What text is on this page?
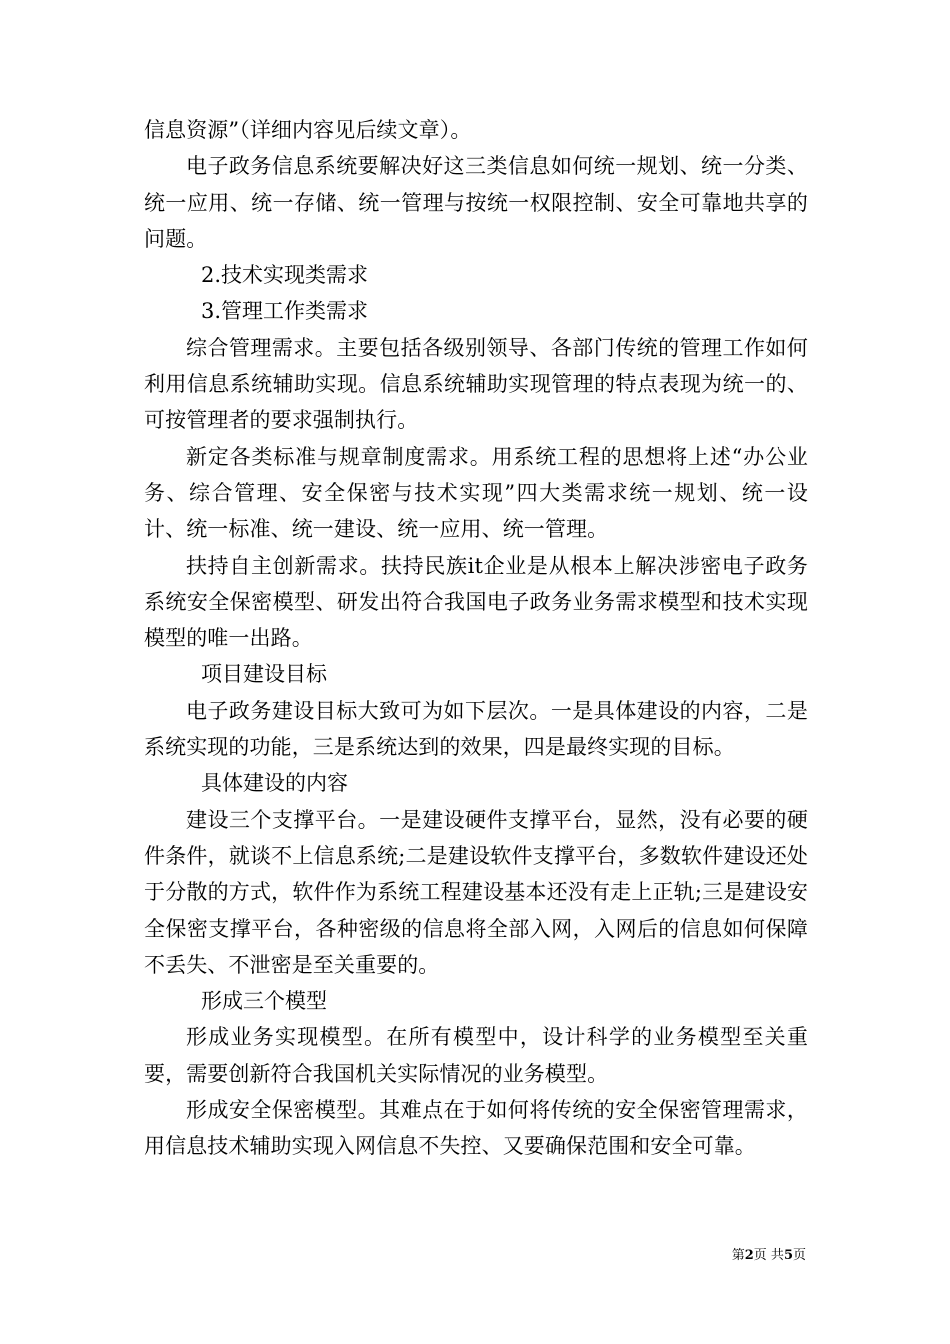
信息资源”（详细内容见后续文章）。

电子政务信息系统要解决好这三类信息如何统一规划、统一分类、统一应用、统一存储、统一管理与按统一权限控制、安全可靠地共享的问题。

2.技术实现类需求

3.管理工作类需求

综合管理需求。主要包括各级别领导、各部门传统的管理工作如何利用信息系统辅助实现。信息系统辅助实现管理的特点表现为统一的、可按管理者的要求强制执行。

新定各类标准与规章制度需求。用系统工程的思想将上述“办公业务、综合管理、安全保密与技术实现”四大类需求统一规划、统一设计、统一标准、统一建设、统一应用、统一管理。

扶持自主创新需求。扶持民族it企业是从根本上解决涉密电子政务系统安全保密模型、研发出符合我国电子政务业务需求模型和技术实现模型的唯一出路。

项目建设目标

电子政务建设目标大致可为如下层次。一是具体建设的内容，二是系统实现的功能，三是系统达到的效果，四是最终实现的目标。

具体建设的内容

建设三个支撑平台。一是建设硬件支撑平台，显然，没有必要的硬件条件，就谈不上信息系统;二是建设软件支撑平台，多数软件建设还处于分散的方式，软件作为系统工程建设基本还没有走上正轨;三是建设安全保密支撑平台，各种密级的信息将全部入网，入网后的信息如何保障不丢失、不泄密是至关重要的。

形成三个模型

形成业务实现模型。在所有模型中，设计科学的业务模型至关重要，需要创新符合我国机关实际情况的业务模型。

形成安全保密模型。其难点在于如何将传统的安全保密管理需求，用信息技术辅助实现入网信息不失控、又要确保范围和安全可靠。

第2页 共5页
